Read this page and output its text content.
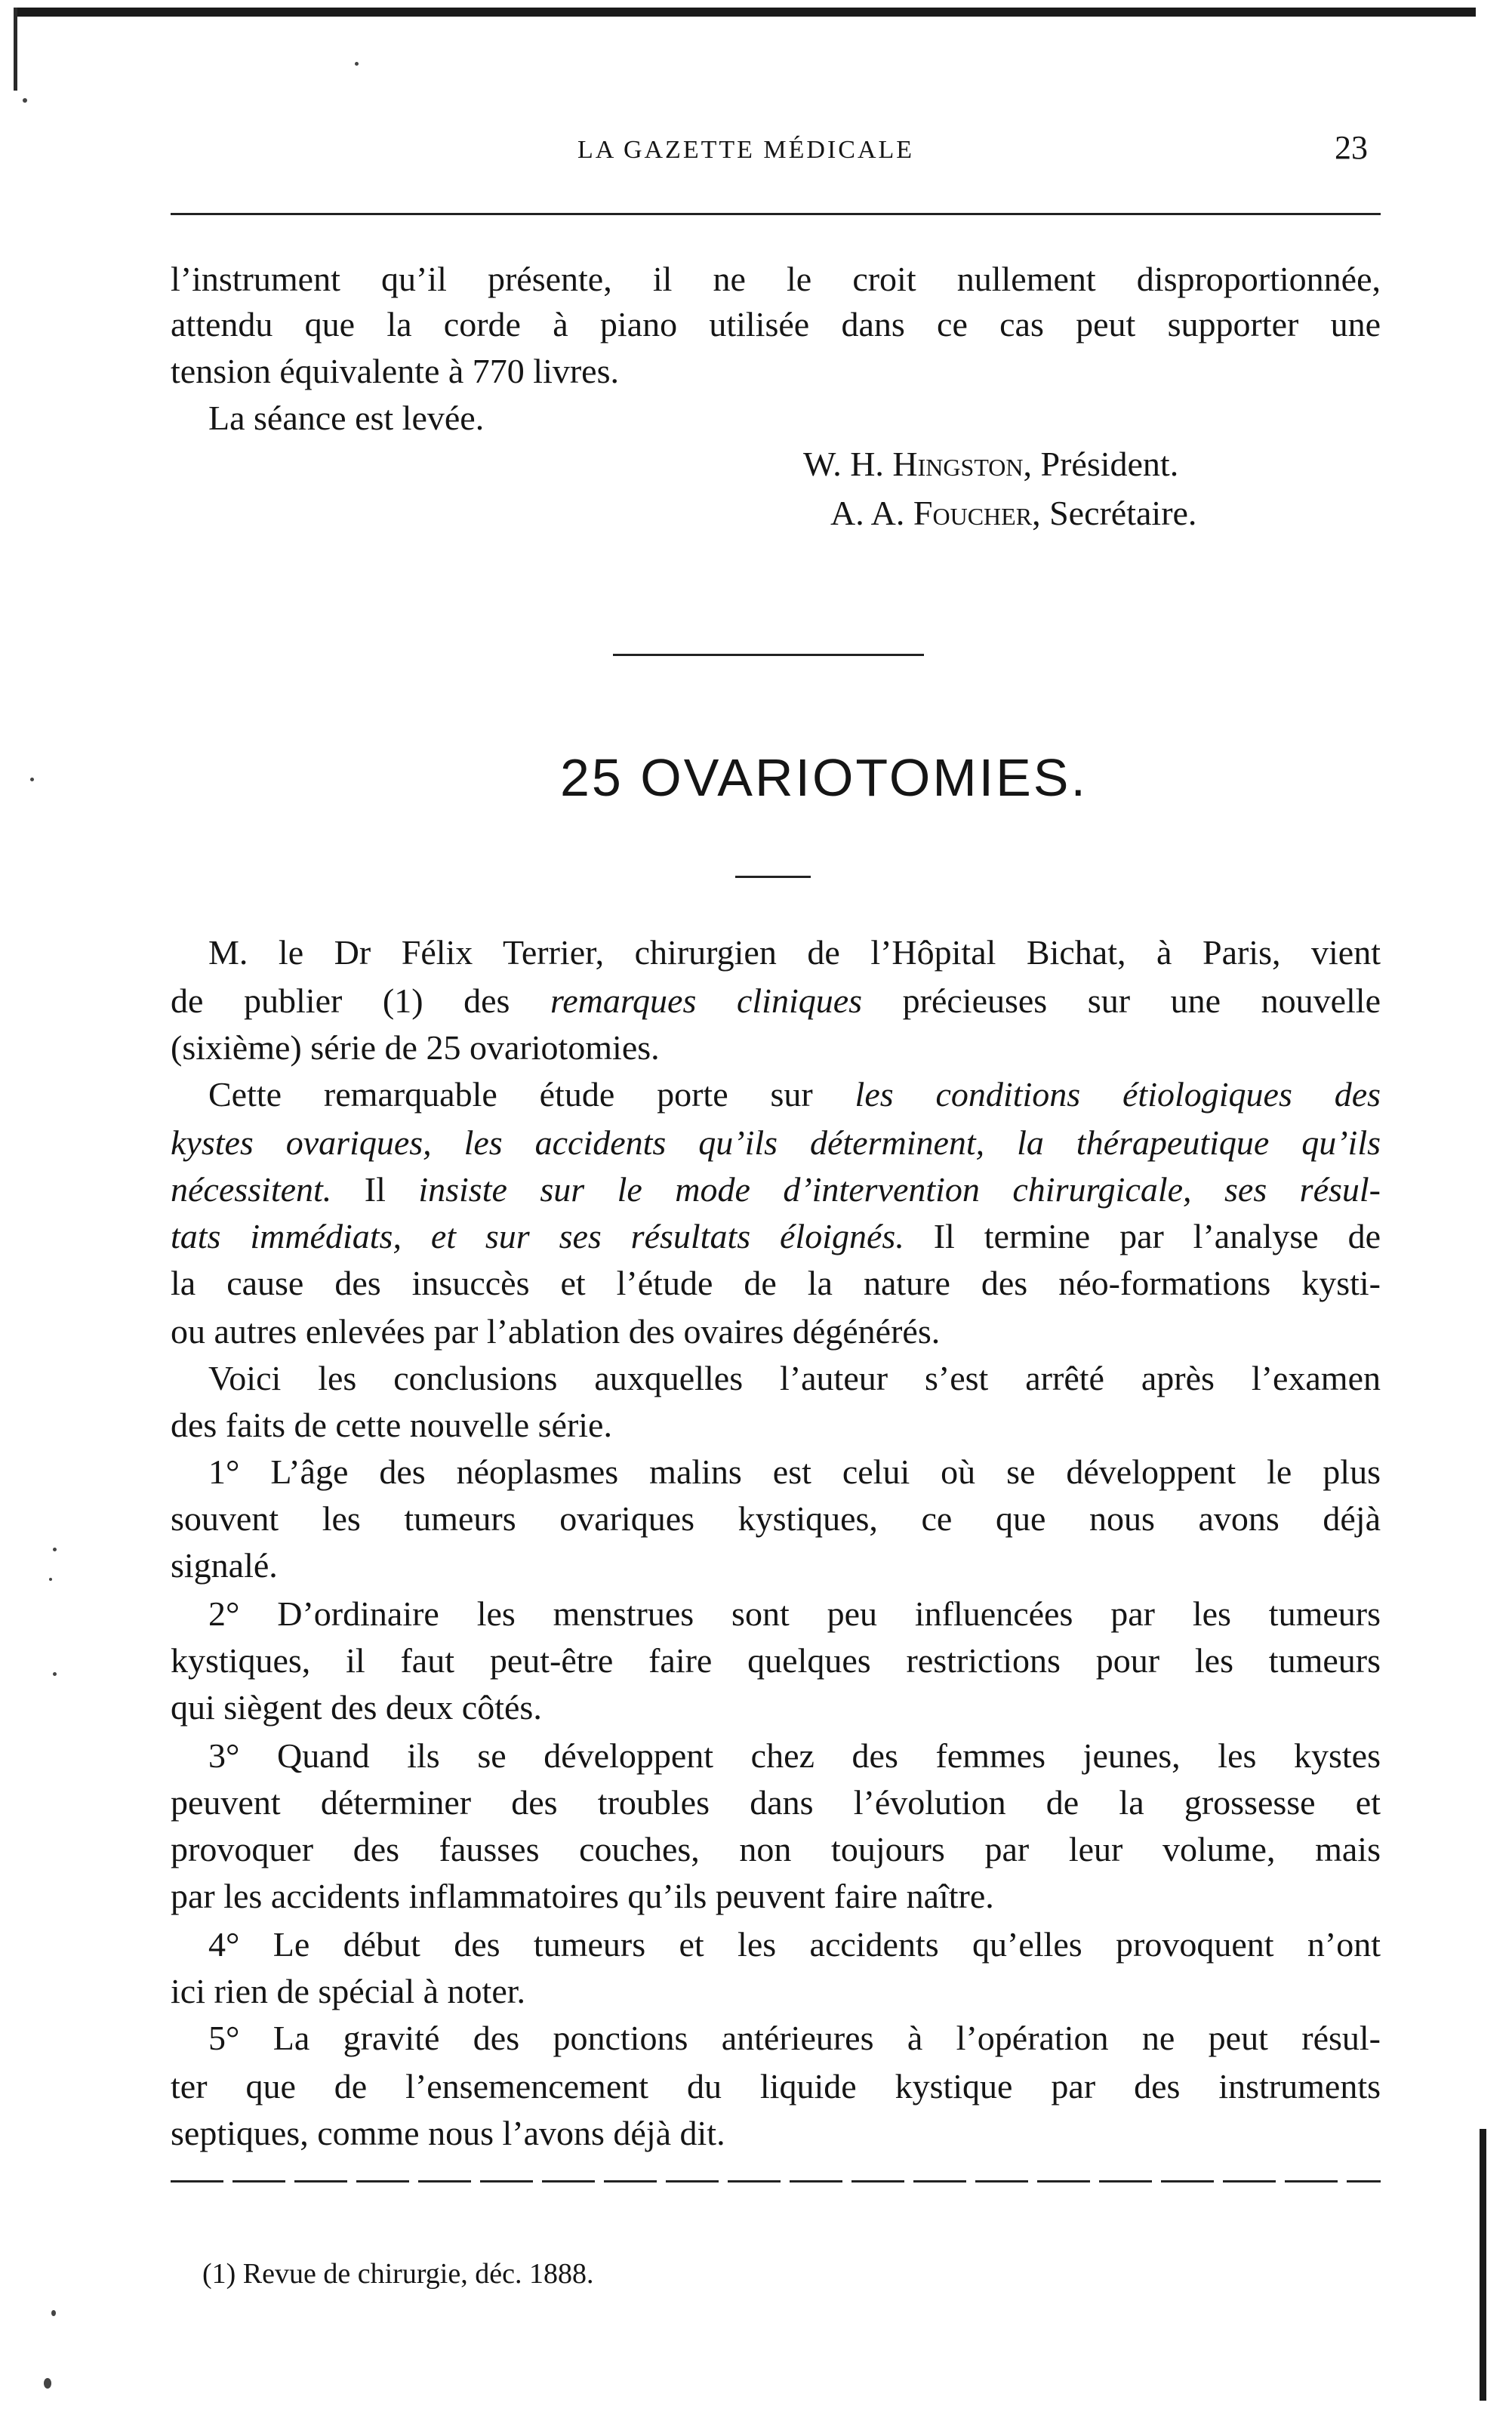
LA GAZETTE MÉDICALE	23
l’instrument qu’il présente, il ne le croit nullement disproportionnée,
attendu que la corde à piano utilisée dans ce cas peut supporter une
tension équivalente à 770 livres.
La séance est levée.
W. H. Hingston, Président.
A. A. Foucher, Secrétaire.
25 OVARIOTOMIES.
M. le Dr Félix Terrier, chirurgien de l’Hôpital Bichat, à Paris, vient
de publier (1) des remarques cliniques précieuses sur une nouvelle
(sixième) série de 25 ovariotomies.
Cette remarquable étude porte sur les conditions étiologiques des
kystes ovariques, les accidents qu’ils déterminent, la thérapeutique qu’ils
nécessitent. Il insiste sur le mode d’intervention chirurgicale, ses résul-
tats immédiats, et sur ses résultats éloignés. Il termine par l’analyse de
la cause des insuccès et l’étude de la nature des néo-formations kysti-
ou autres enlevées par l’ablation des ovaires dégénérés.
Voici les conclusions auxquelles l’auteur s’est arrêté après l’examen
des faits de cette nouvelle série.
1° L’âge des néoplasmes malins est celui où se développent le plus
souvent les tumeurs ovariques kystiques, ce que nous avons déjà
signalé.
2° D’ordinaire les menstrues sont peu influencées par les tumeurs
kystiques, il faut peut-être faire quelques restrictions pour les tumeurs
qui siègent des deux côtés.
3° Quand ils se développent chez des femmes jeunes, les kystes
peuvent déterminer des troubles dans l’évolution de la grossesse et
provoquer des fausses couches, non toujours par leur volume, mais
par les accidents inflammatoires qu’ils peuvent faire naître.
4° Le début des tumeurs et les accidents qu’elles provoquent n’ont
ici rien de spécial à noter.
5° La gravité des ponctions antérieures à l’opération ne peut résul-
ter que de l’ensemencement du liquide kystique par des instruments
septiques, comme nous l’avons déjà dit.
(1) Revue de chirurgie, déc. 1888.
